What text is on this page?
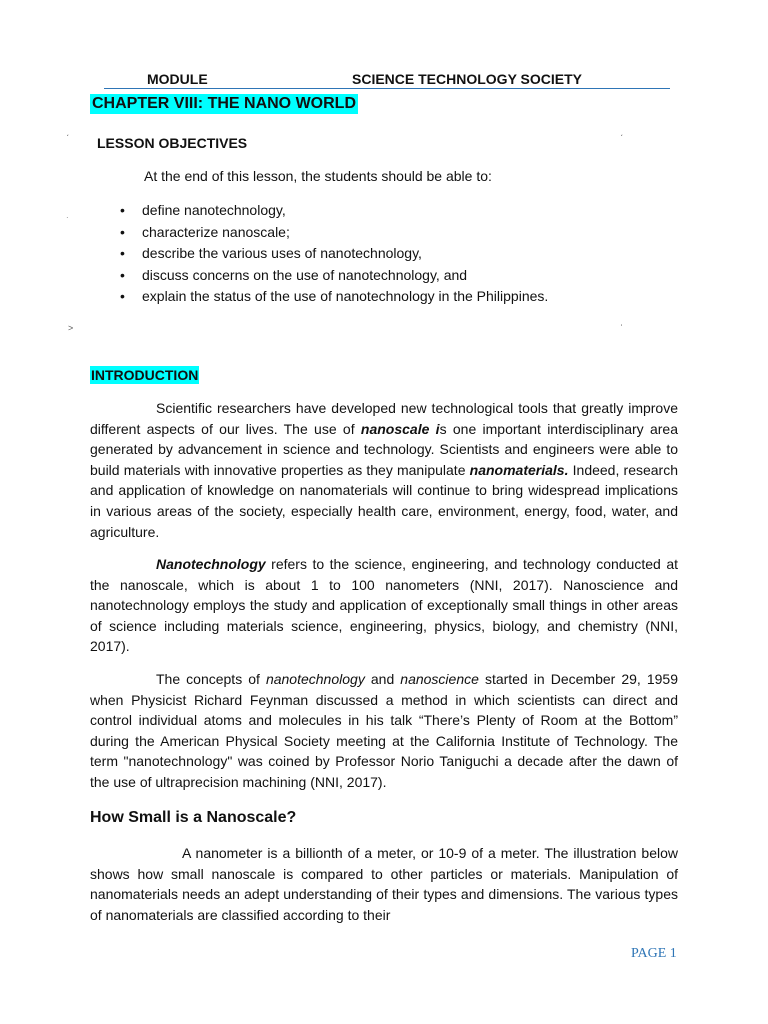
MODULE	SCIENCE TECHNOLOGY SOCIETY
CHAPTER VIII: THE NANO WORLD
ˏ	ˏ
ˑ
˃	ʾ
LESSON OBJECTIVES
At the end of this lesson, the students should be able to:
• define nanotechnology,
• characterize nanoscale;
• describe the various uses of nanotechnology,
• discuss concerns on the use of nanotechnology, and
• explain the status of the use of nanotechnology in the Philippines.
INTRODUCTION

Scientific researchers have developed new technological tools that greatly improve different aspects of our lives. The use of nanoscale is one important interdisciplinary area generated by advancement in science and technology. Scientists and engineers were able to build materials with innovative properties as they manipulate nanomaterials. Indeed, research and application of knowledge on nanomaterials will continue to bring widespread implications in various areas of the society, especially health care, environment, energy, food, water, and agriculture.

Nanotechnology refers to the science, engineering, and technology conducted at the nanoscale, which is about 1 to 100 nanometers (NNI, 2017). Nanoscience and nanotechnology employs the study and application of exceptionally small things in other areas of science including materials science, engineering, physics, biology, and chemistry (NNI, 2017).

The concepts of nanotechnology and nanoscience started in December 29, 1959 when Physicist Richard Feynman discussed a method in which scientists can direct and control individual atoms and molecules in his talk “There’s Plenty of Room at the Bottom” during the American Physical Society meeting at the California Institute of Technology. The term "nanotechnology" was coined by Professor Norio Taniguchi a decade after the dawn of the use of ultraprecision machining (NNI, 2017).

How Small is a Nanoscale?

A nanometer is a billionth of a meter, or 10-9 of a meter. The illustration below shows how small nanoscale is compared to other particles or materials. Manipulation of nanomaterials needs an adept understanding of their types and dimensions. The various types of nanomaterials are classified according to their

PAGE 1
